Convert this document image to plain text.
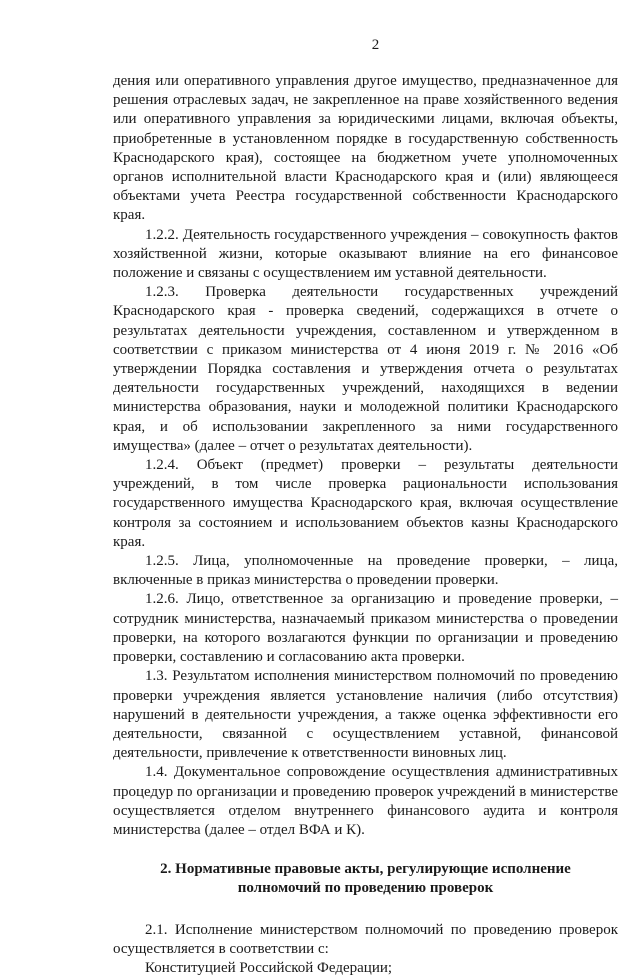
2

дения или оперативного управления другое имущество, предназначенное для решения отраслевых задач, не закрепленное на праве хозяйственного ведения или оперативного управления за юридическими лицами, включая объекты, приобретенные в установленном порядке в государственную собственность Краснодарского края), состоящее на бюджетном учете уполномоченных органов исполнительной власти Краснодарского края и (или) являющееся объектами учета Реестра государственной собственности Краснодарского края.

1.2.2. Деятельность государственного учреждения – совокупность фактов хозяйственной жизни, которые оказывают влияние на его финансовое положение и связаны с осуществлением им уставной деятельности.

1.2.3. Проверка деятельности государственных учреждений Краснодарского края - проверка сведений, содержащихся в отчете о результатах деятельности учреждения, составленном и утвержденном в соответствии с приказом министерства от 4 июня 2019 г. № 2016 «Об утверждении Порядка составления и утверждения отчета о результатах деятельности государственных учреждений, находящихся в ведении министерства образования, науки и молодежной политики Краснодарского края, и об использовании закрепленного за ними государственного имущества» (далее – отчет о результатах деятельности).

1.2.4. Объект (предмет) проверки – результаты деятельности учреждений, в том числе проверка рациональности использования государственного имущества Краснодарского края, включая осуществление контроля за состоянием и использованием объектов казны Краснодарского края.

1.2.5. Лица, уполномоченные на проведение проверки, – лица, включенные в приказ министерства о проведении проверки.

1.2.6. Лицо, ответственное за организацию и проведение проверки, – сотрудник министерства, назначаемый приказом министерства о проведении проверки, на которого возлагаются функции по организации и проведению проверки, составлению и согласованию акта проверки.

1.3. Результатом исполнения министерством полномочий по проведению проверки учреждения является установление наличия (либо отсутствия) нарушений в деятельности учреждения, а также оценка эффективности его деятельности, связанной с осуществлением уставной, финансовой деятельности, привлечение к ответственности виновных лиц.

1.4. Документальное сопровождение осуществления административных процедур по организации и проведению проверок учреждений в министерстве осуществляется отделом внутреннего финансового аудита и контроля министерства (далее – отдел ВФА и К).

2. Нормативные правовые акты, регулирующие исполнение
полномочий по проведению проверок

2.1. Исполнение министерством полномочий по проведению проверок осуществляется в соответствии с:

Конституцией Российской Федерации;
